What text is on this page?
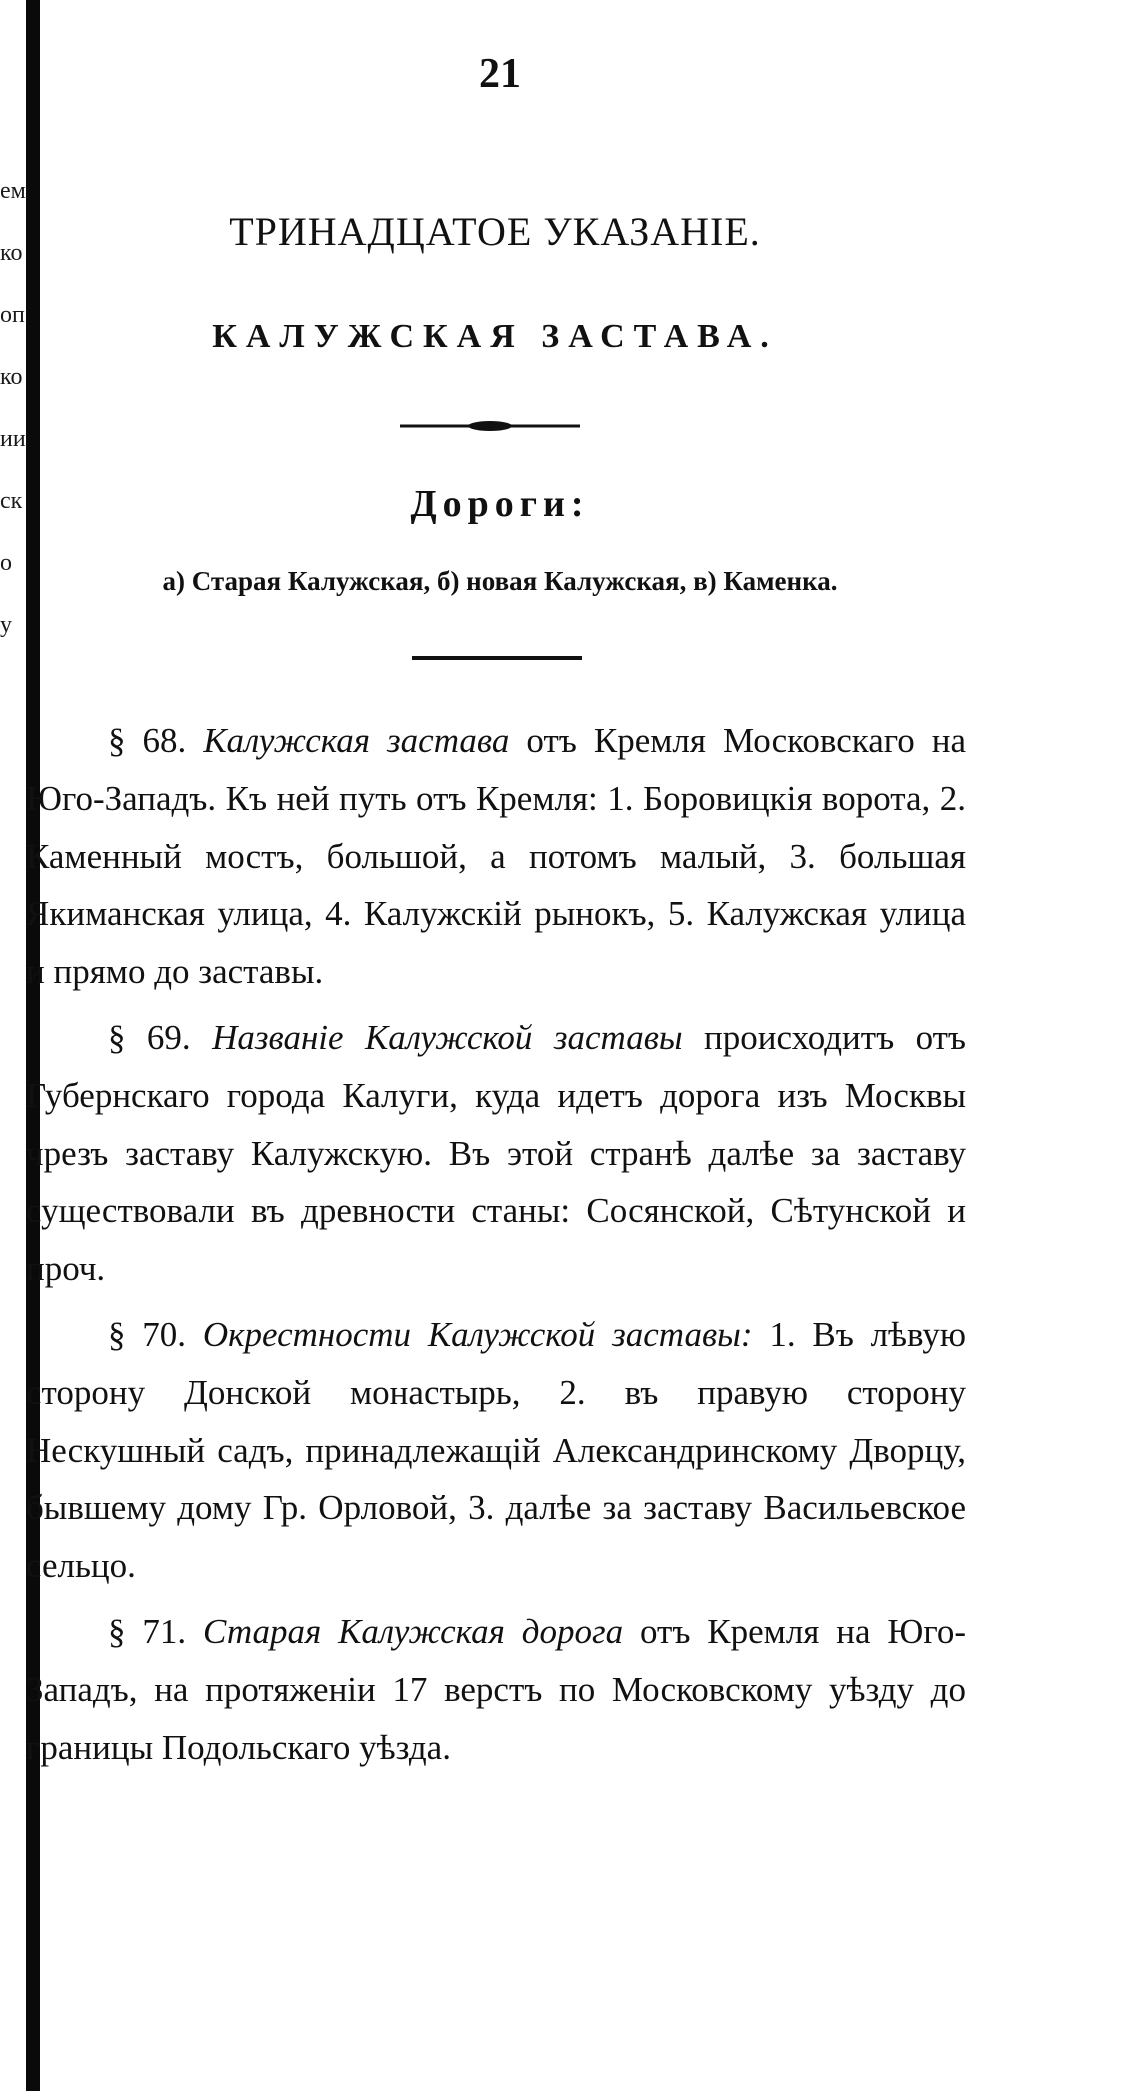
ем
ко
оп
ко
ии
ск
о
у
21
ТРИНАДЦАТОЕ УКАЗАНІЕ.
КАЛУЖСКАЯ ЗАСТАВА.
Дороги:
а) Старая Калужская, б) новая Калужская, в) Каменка.

§ 68. Калужская застава отъ Кремля Московскаго на Юго-Западъ. Къ ней путь отъ Кремля: 1. Боровицкія ворота, 2. Каменный мостъ, большой, а потомъ малый, 3. большая Якиманская улица, 4. Калужскій рынокъ, 5. Калужская улица и прямо до заставы.

§ 69. Названіе Калужской заставы происходитъ отъ Губернскаго города Калуги, куда идетъ дорога изъ Москвы чрезъ заставу Калужскую. Въ этой странѣ далѣе за заставу существовали въ древности станы: Сосянской, Сѣтунской и проч.

§ 70. Окрестности Калужской заставы: 1. Въ лѣвую сторону Донской монастырь, 2. въ правую сторону Нескушный садъ, принадлежащій Александринскому Дворцу, бывшему дому Гр. Орловой, 3. далѣе за заставу Васильевское сельцо.

§ 71. Старая Калужская дорога отъ Кремля на Юго-Западъ, на протяженіи 17 верстъ по Московскому уѣзду до границы Подольскаго уѣзда.
